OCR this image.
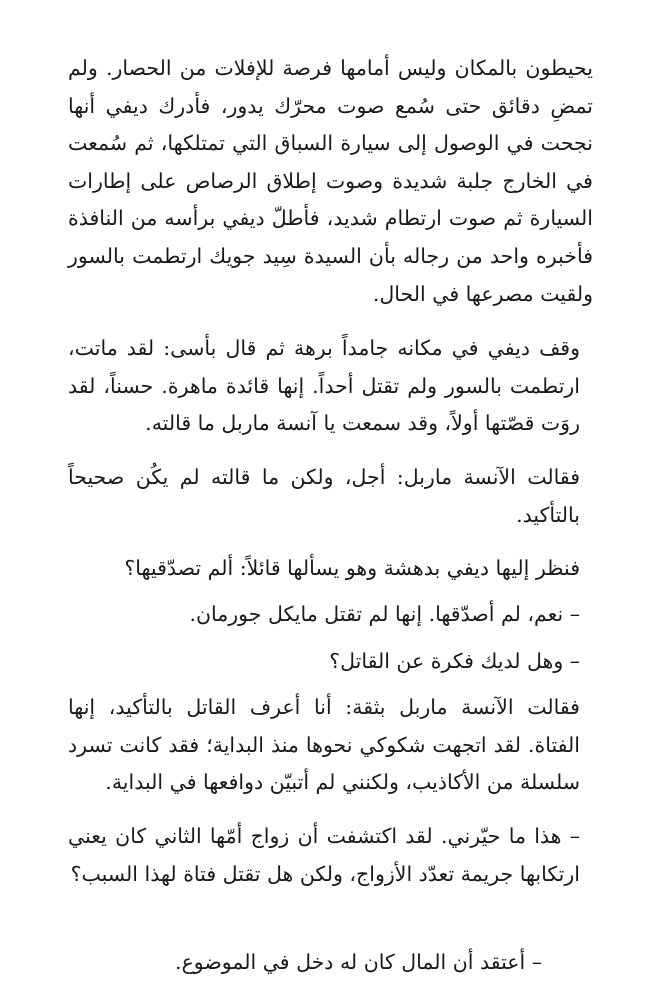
يحيطون بالمكان وليس أمامها فرصة للإفلات من الحصار. ولم تمضِ دقائق حتى سُمع صوت محرّك يدور، فأدرك ديفي أنها نجحت في الوصول إلى سيارة السباق التي تمتلكها، ثم سُمعت في الخارج جلبة شديدة وصوت إطلاق الرصاص على إطارات السيارة ثم صوت ارتطام شديد، فأطلّ ديفي برأسه من النافذة فأخبره واحد من رجاله بأن السيدة سِيد جويك ارتطمت بالسور ولقيت مصرعها في الحال.

وقف ديفي في مكانه جامداً برهة ثم قال بأسى: لقد ماتت، ارتطمت بالسور ولم تقتل أحداً. إنها قائدة ماهرة. حسناً، لقد روَت قصّتها أولاً، وقد سمعت يا آنسة ماربل ما قالته.

فقالت الآنسة ماربل: أجل، ولكن ما قالته لم يكُن صحيحاً بالتأكيد.

فنظر إليها ديفي بدهشة وهو يسألها قائلاً: ألم تصدّقيها؟

– نعم، لم أصدّقها. إنها لم تقتل مايكل جورمان.

– وهل لديك فكرة عن القاتل؟

فقالت الآنسة ماربل بثقة: أنا أعرف القاتل بالتأكيد، إنها الفتاة. لقد اتجهت شكوكي نحوها منذ البداية؛ فقد كانت تسرد سلسلة من الأكاذيب، ولكنني لم أتبيّن دوافعها في البداية.

– هذا ما حيّرني. لقد اكتشفت أن زواج أمّها الثاني كان يعني ارتكابها جريمة تعدّد الأزواج، ولكن هل تقتل فتاة لهذا السبب؟

– أعتقد أن المال كان له دخل في الموضوع.
